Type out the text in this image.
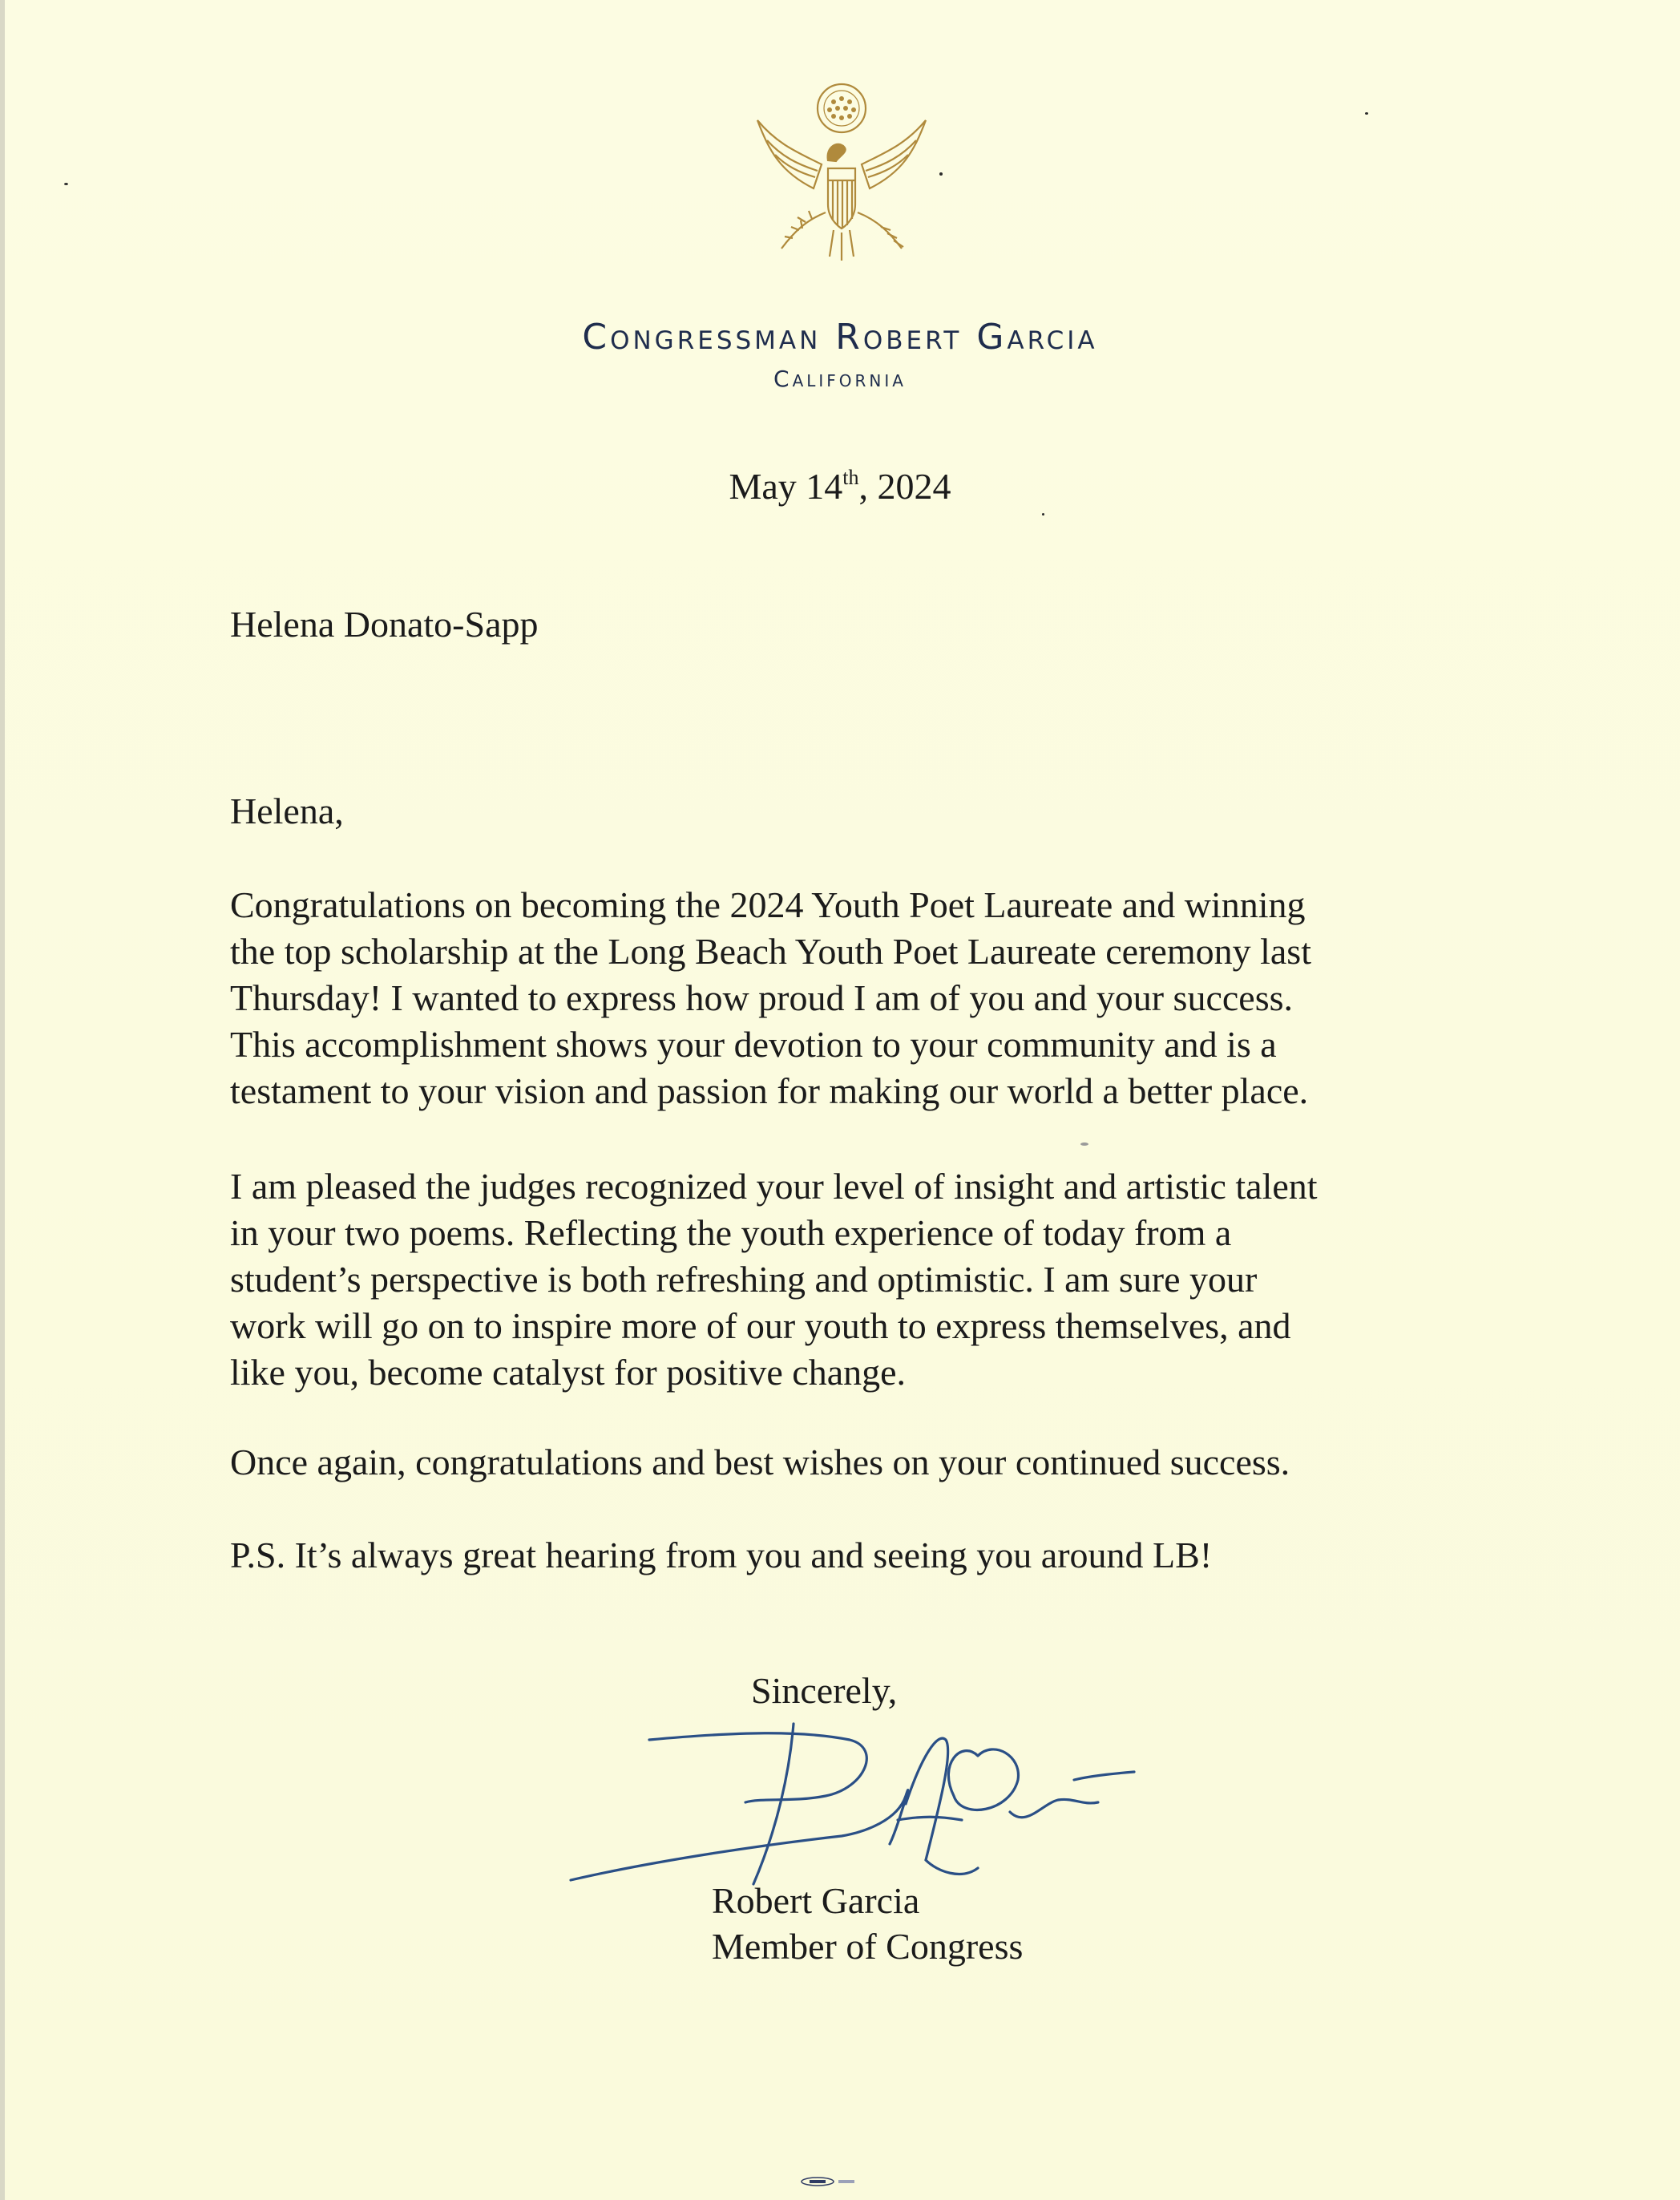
Congressman Robert Garcia
California
May 14th, 2024
Helena Donato-Sapp
Helena,
Congratulations on becoming the 2024 Youth Poet Laureate and winning
the top scholarship at the Long Beach Youth Poet Laureate ceremony last
Thursday! I wanted to express how proud I am of you and your success.
This accomplishment shows your devotion to your community and is a
testament to your vision and passion for making our world a better place.
I am pleased the judges recognized your level of insight and artistic talent
in your two poems. Reflecting the youth experience of today from a
student’s perspective is both refreshing and optimistic. I am sure your
work will go on to inspire more of our youth to express themselves, and
like you, become catalyst for positive change.
Once again, congratulations and best wishes on your continued success.
P.S. It’s always great hearing from you and seeing you around LB!
Sincerely,
Robert Garcia
Member of Congress
